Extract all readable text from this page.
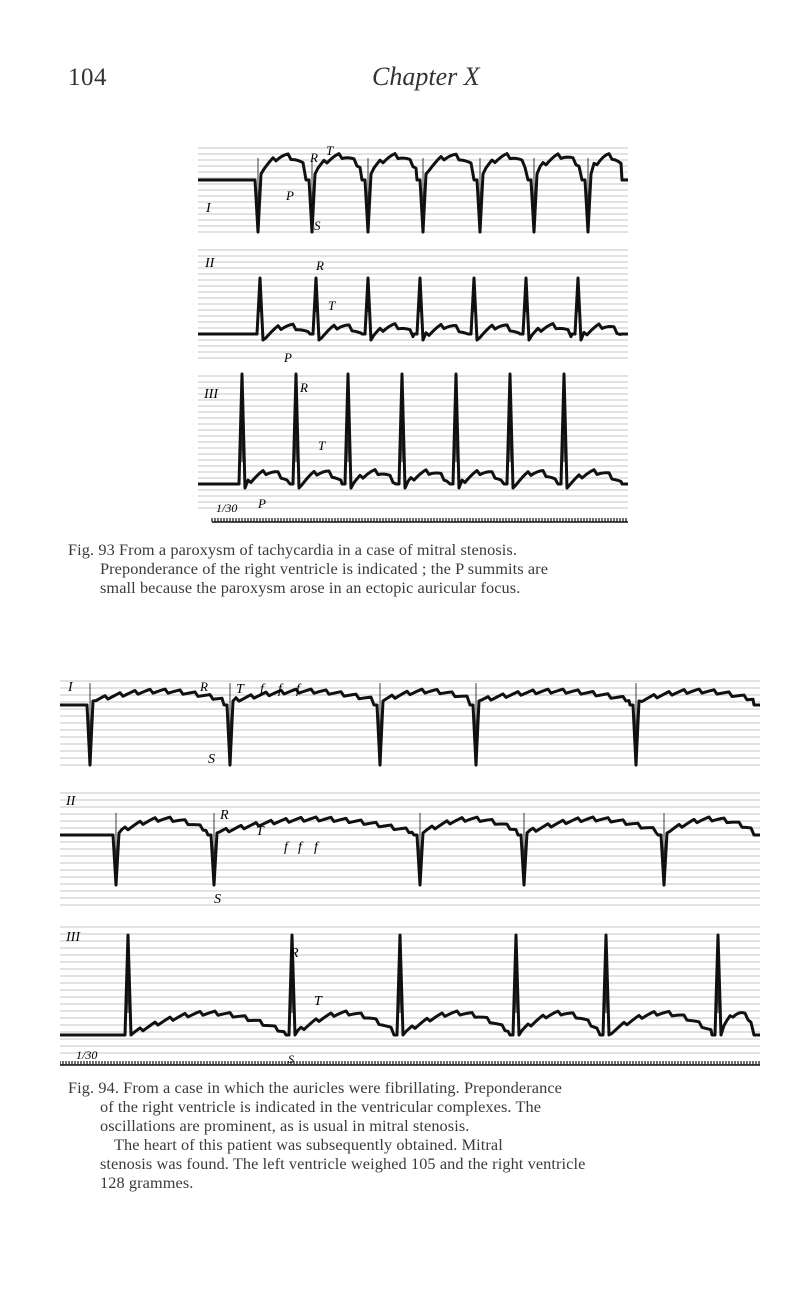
104	Chapter X
I
II
III
R T
P
S
R
T
P
R
T
P
1/30
Fig. 93 From a paroxysm of tachycardia in a case of mitral stenosis.
Preponderance of the right ventricle is indicated ; the P summits are
small because the paroxysm arose in an ectopic auricular focus.
I
II
III
R T f f f
S
R
T
f f f
S
R
T
S
1/30
Fig. 94. From a case in which the auricles were fibrillating. Preponderance
of the right ventricle is indicated in the ventricular complexes. The
oscillations are prominent, as is usual in mitral stenosis.
The heart of this patient was subsequently obtained. Mitral
stenosis was found. The left ventricle weighed 105 and the right ventricle
128 grammes.
